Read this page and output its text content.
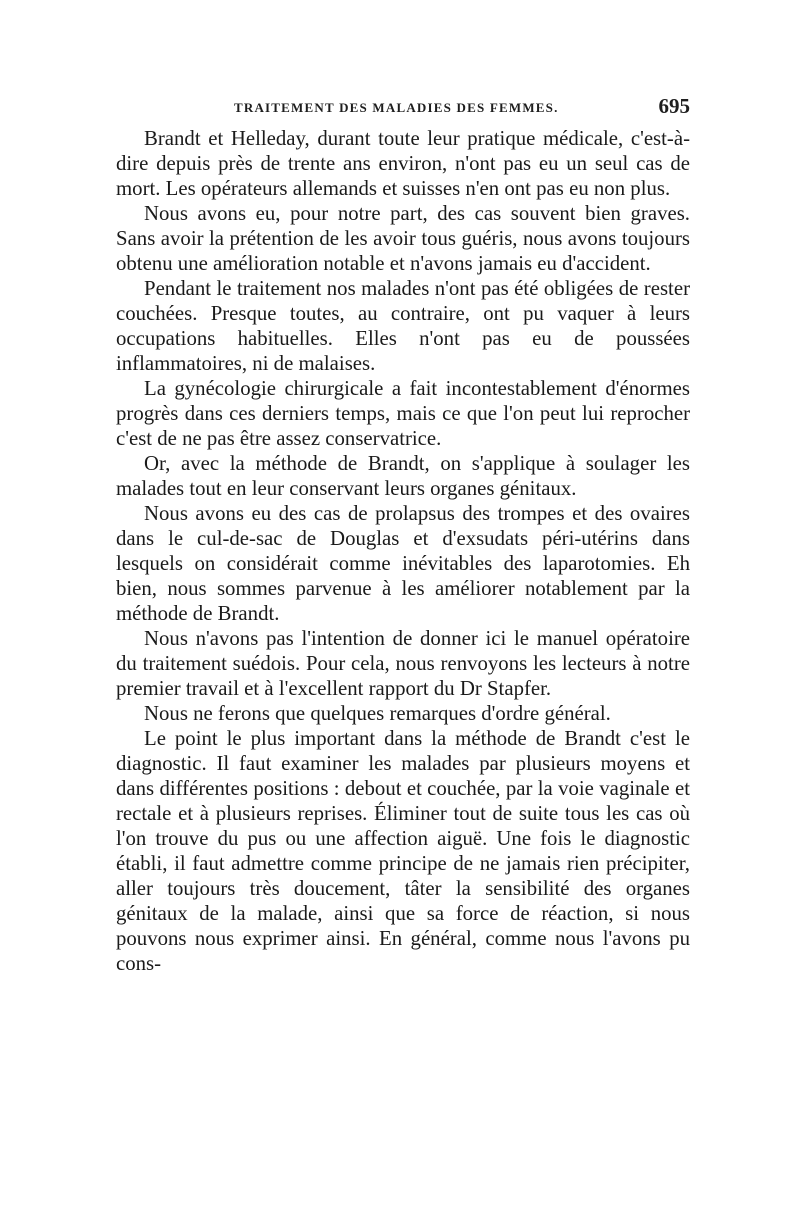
TRAITEMENT DES MALADIES DES FEMMES.	695

Brandt et Helleday, durant toute leur pratique médicale, c'est-à-dire depuis près de trente ans environ, n'ont pas eu un seul cas de mort. Les opérateurs allemands et suisses n'en ont pas eu non plus.

Nous avons eu, pour notre part, des cas souvent bien graves. Sans avoir la prétention de les avoir tous guéris, nous avons toujours obtenu une amélioration notable et n'avons jamais eu d'accident.

Pendant le traitement nos malades n'ont pas été obligées de rester couchées. Presque toutes, au contraire, ont pu vaquer à leurs occupations habituelles. Elles n'ont pas eu de poussées inflammatoires, ni de malaises.

La gynécologie chirurgicale a fait incontestablement d'énormes progrès dans ces derniers temps, mais ce que l'on peut lui reprocher c'est de ne pas être assez conservatrice.

Or, avec la méthode de Brandt, on s'applique à soulager les malades tout en leur conservant leurs organes génitaux.

Nous avons eu des cas de prolapsus des trompes et des ovaires dans le cul-de-sac de Douglas et d'exsudats péri-utérins dans lesquels on considérait comme inévitables des laparotomies. Eh bien, nous sommes parvenue à les améliorer notablement par la méthode de Brandt.

Nous n'avons pas l'intention de donner ici le manuel opératoire du traitement suédois. Pour cela, nous renvoyons les lecteurs à notre premier travail et à l'excellent rapport du Dr Stapfer.

Nous ne ferons que quelques remarques d'ordre général.

Le point le plus important dans la méthode de Brandt c'est le diagnostic. Il faut examiner les malades par plusieurs moyens et dans différentes positions : debout et couchée, par la voie vaginale et rectale et à plusieurs reprises. Éliminer tout de suite tous les cas où l'on trouve du pus ou une affection aiguë. Une fois le diagnostic établi, il faut admettre comme principe de ne jamais rien précipiter, aller toujours très doucement, tâter la sensibilité des organes génitaux de la malade, ainsi que sa force de réaction, si nous pouvons nous exprimer ainsi. En général, comme nous l'avons pu cons-
